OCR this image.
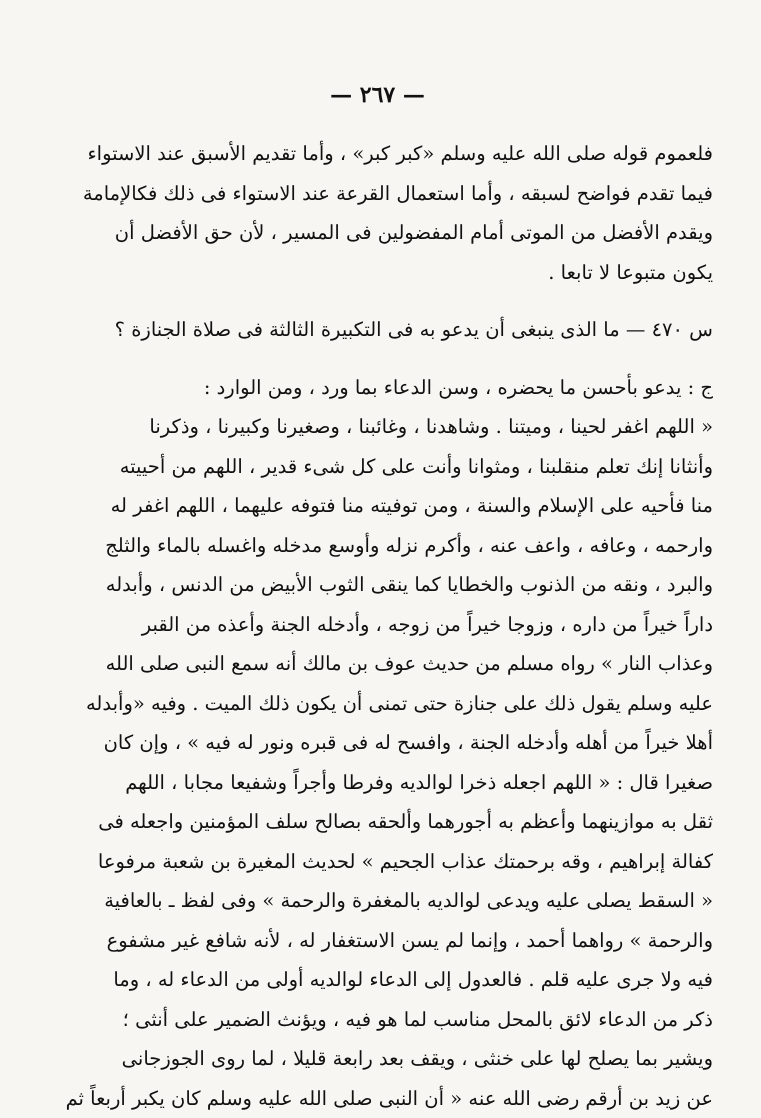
— ٢٦٧ —
فلعموم قوله صلى الله عليه وسلم «كبر كبر» ، وأما تقديم الأسبق عند الاستواء
فيما تقدم فواضح لسبقه ، وأما استعمال القرعة عند الاستواء فى ذلك فكالإمامة
ويقدم الأفضل من الموتى أمام المفضولين فى المسير ، لأن حق الأفضل أن
يكون متبوعا لا تابعا .
س ٤٧٠ — ما الذى ينبغى أن يدعو به فى التكبيرة الثالثة فى صلاة الجنازة ؟
ج : يدعو بأحسن ما يحضره ، وسن الدعاء بما ورد ، ومن الوارد :
« اللهم اغفر لحينا ، وميتنا . وشاهدنا ، وغائبنا ، وصغيرنا وكبيرنا ، وذكرنا
وأنثانا إنك تعلم منقلبنا ، ومثوانا وأنت على كل شىء قدير ، اللهم من أحييته
منا فأحيه على الإسلام والسنة ، ومن توفيته منا فتوفه عليهما ، اللهم اغفر له
وارحمه ، وعافه ، واعف عنه ، وأكرم نزله وأوسع مدخله واغسله بالماء والثلج
والبرد ، ونقه من الذنوب والخطايا كما ينقى الثوب الأبيض من الدنس ، وأبدله
داراً خيراً من داره ، وزوجا خيراً من زوجه ، وأدخله الجنة وأعذه من القبر
وعذاب النار » رواه مسلم من حديث عوف بن مالك أنه سمع النبى صلى الله
عليه وسلم يقول ذلك على جنازة حتى تمنى أن يكون ذلك الميت . وفيه «وأبدله
أهلا خيراً من أهله وأدخله الجنة ، وافسح له فى قبره ونور له فيه » ، وإن كان
صغيرا قال : « اللهم اجعله ذخرا لوالديه وفرطا وأجراً وشفيعا مجابا ، اللهم
ثقل به موازينهما وأعظم به أجورهما وألحقه بصالح سلف المؤمنين واجعله فى
كفالة إبراهيم ، وقه برحمتك عذاب الجحيم » لحديث المغيرة بن شعبة مرفوعا
« السقط يصلى عليه ويدعى لوالديه بالمغفرة والرحمة » وفى لفظ ـ بالعافية
والرحمة » رواهما أحمد ، وإنما لم يسن الاستغفار له ، لأنه شافع غير مشفوع
فيه ولا جرى عليه قلم . فالعدول إلى الدعاء لوالديه أولى من الدعاء له ، وما
ذكر من الدعاء لائق بالمحل مناسب لما هو فيه ، ويؤنث الضمير على أنثى ؛
ويشير بما يصلح لها على خنثى ، ويقف بعد رابعة قليلا ، لما روى الجوزجانى
عن زيد بن أرقم رضى الله عنه « أن النبى صلى الله عليه وسلم كان يكبر أربعاً ثم
